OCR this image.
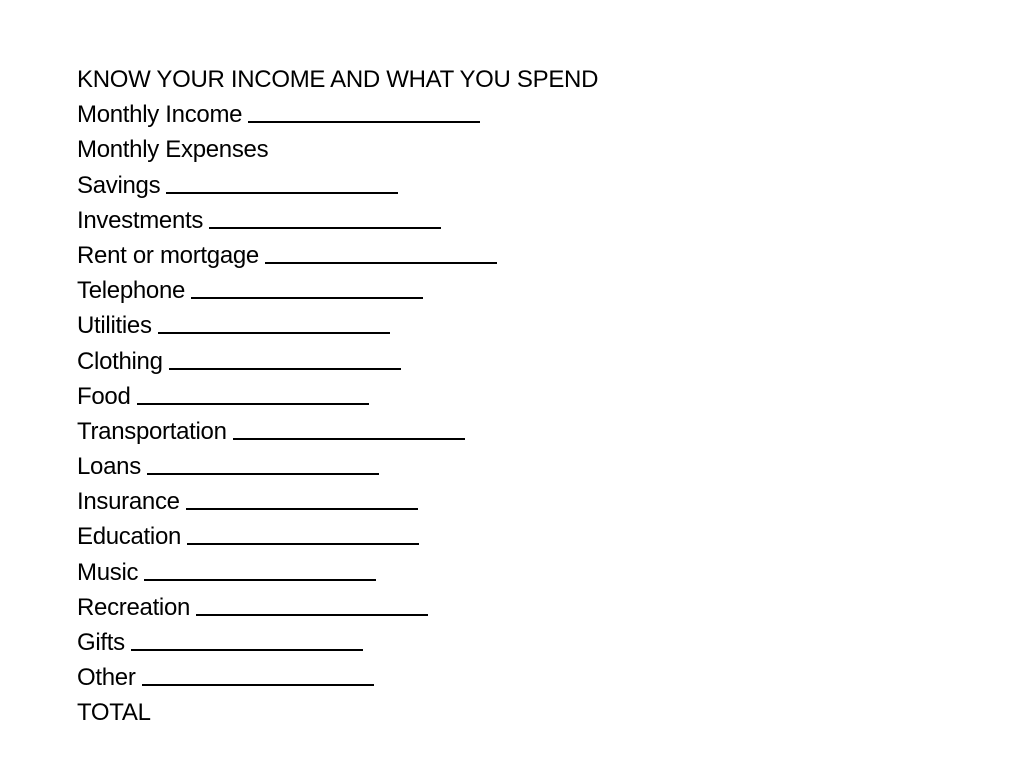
KNOW YOUR INCOME AND WHAT YOU SPEND
Monthly Income
Monthly Expenses
Savings
Investments
Rent or mortgage
Telephone
Utilities
Clothing
Food
Transportation
Loans
Insurance
Education
Music
Recreation
Gifts
Other
TOTAL
